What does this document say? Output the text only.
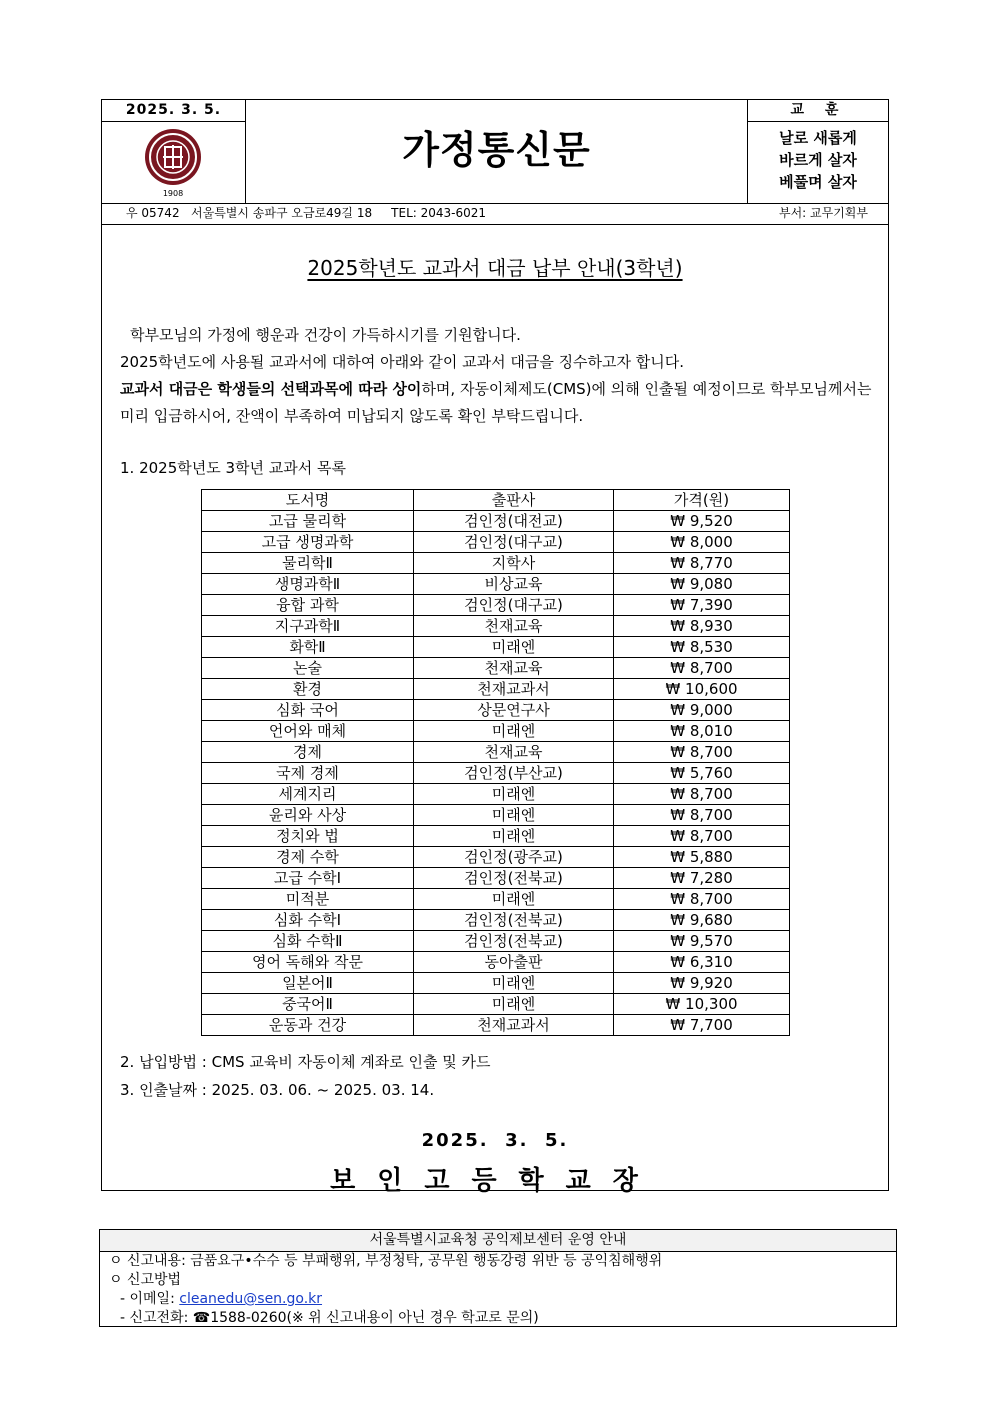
2025. 3. 5.
1908
가정통신문
교 훈
날로 새롭게
바르게 살자
베풀며 살자
우 05742   서울특별시 송파구 오금로49길 18     TEL: 2043-6021	부서: 교무기획부
2025학년도 교과서 대금 납부 안내(3학년)

학부모님의 가정에 행운과 건강이 가득하시기를 기원합니다.

2025학년도에 사용될 교과서에 대하여 아래와 같이 교과서 대금을 징수하고자 합니다.

교과서 대금은 학생들의 선택과목에 따라 상이하며, 자동이체제도(CMS)에 의해 인출될 예정이므로 학부모님께서는 미리 입금하시어, 잔액이 부족하여 미납되지 않도록 확인 부탁드립니다.

1. 2025학년도 3학년 교과서 목록
도서명	출판사	가격(원)
고급 물리학	검인정(대전교)	₩ 9,520
고급 생명과학	검인정(대구교)	₩ 8,000
물리학Ⅱ	지학사	₩ 8,770
생명과학Ⅱ	비상교육	₩ 9,080
융합 과학	검인정(대구교)	₩ 7,390
지구과학Ⅱ	천재교육	₩ 8,930
화학Ⅱ	미래엔	₩ 8,530
논술	천재교육	₩ 8,700
환경	천재교과서	₩ 10,600
심화 국어	상문연구사	₩ 9,000
언어와 매체	미래엔	₩ 8,010
경제	천재교육	₩ 8,700
국제 경제	검인정(부산교)	₩ 5,760
세계지리	미래엔	₩ 8,700
윤리와 사상	미래엔	₩ 8,700
정치와 법	미래엔	₩ 8,700
경제 수학	검인정(광주교)	₩ 5,880
고급 수학Ⅰ	검인정(전북교)	₩ 7,280
미적분	미래엔	₩ 8,700
심화 수학Ⅰ	검인정(전북교)	₩ 9,680
심화 수학Ⅱ	검인정(전북교)	₩ 9,570
영어 독해와 작문	동아출판	₩ 6,310
일본어Ⅱ	미래엔	₩ 9,920
중국어Ⅱ	미래엔	₩ 10,300
운동과 건강	천재교과서	₩ 7,700
2. 납입방법 : CMS 교육비 자동이체 계좌로 인출 및 카드
3. 인출날짜 : 2025. 03. 06. ~ 2025. 03. 14.
2025.  3.  5.
보인고등학교장
서울특별시교육청 공익제보센터 운영 안내
ㅇ 신고내용: 금품요구•수수 등 부패행위, 부정청탁, 공무원 행동강령 위반 등 공익침해행위
ㅇ 신고방법
- 이메일: cleanedu@sen.go.kr
- 신고전화: ☎1588-0260(※ 위 신고내용이 아닌 경우 학교로 문의)
